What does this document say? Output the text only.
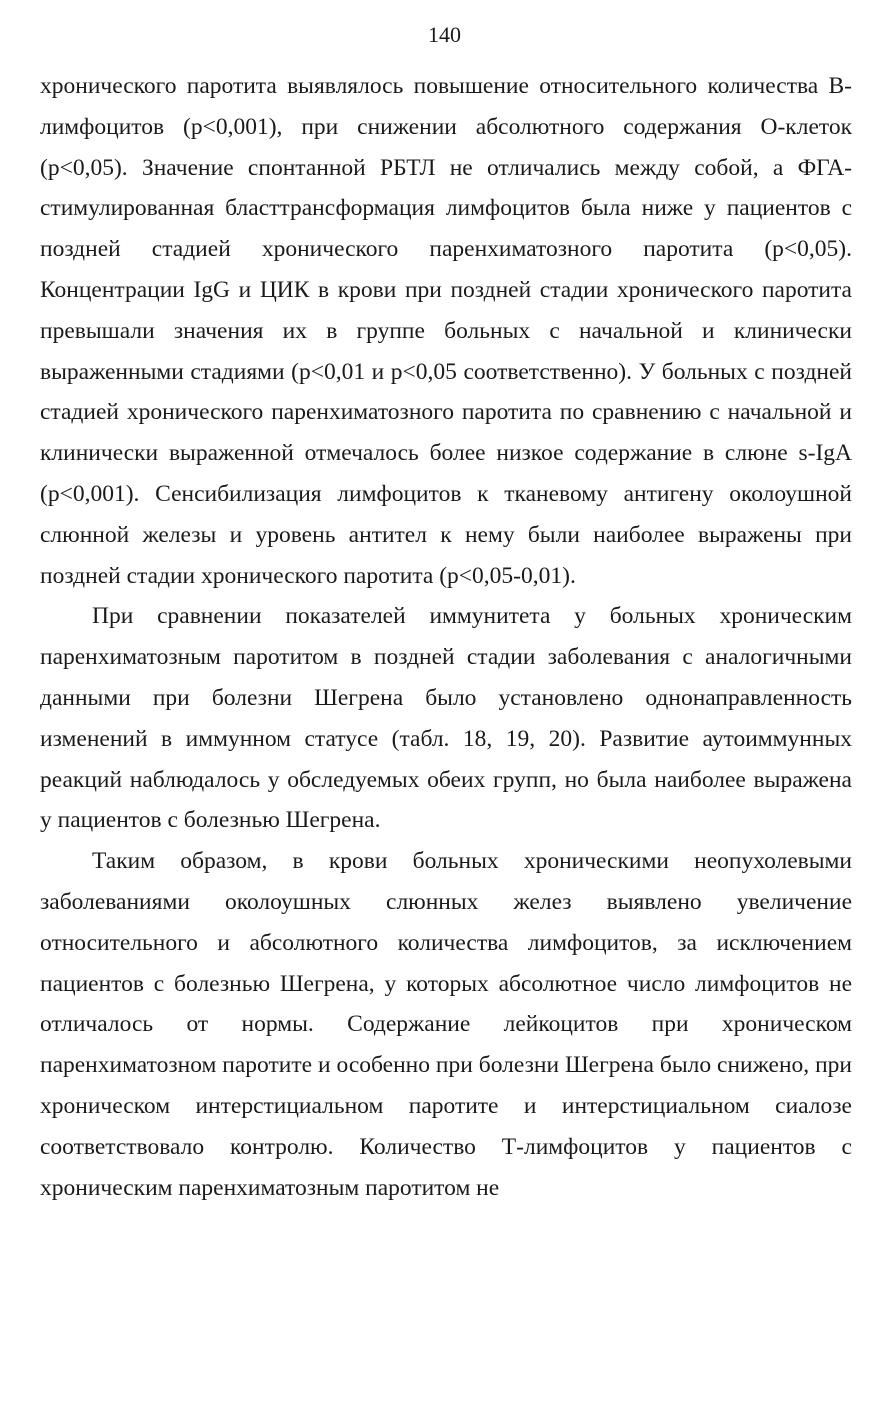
140

хронического паротита выявлялось повышение относительного количества В-лимфоцитов (р<0,001), при снижении абсолютного содержания О-клеток (р<0,05). Значение спонтанной РБТЛ не отличались между собой, а ФГА-стимулированная бласттрансформация лимфоцитов была ниже у пациентов с поздней стадией хронического паренхиматозного паротита (р<0,05). Концентрации IgG и ЦИК в крови при поздней стадии хронического паротита превышали значения их в группе больных с начальной и клинически выраженными стадиями (р<0,01 и р<0,05 соответственно). У больных с поздней стадией хронического паренхиматозного паротита по сравнению с начальной и клинически выраженной отмечалось более низкое содержание в слюне s-IgA (р<0,001). Сенсибилизация лимфоцитов к тканевому антигену околоушной слюнной железы и уровень антител к нему были наиболее выражены при поздней стадии хронического паротита (р<0,05-0,01).

При сравнении показателей иммунитета у больных хроническим паренхиматозным паротитом в поздней стадии заболевания с аналогичными данными при болезни Шегрена было установлено однонаправленность изменений в иммунном статусе (табл. 18, 19, 20). Развитие аутоиммунных реакций наблюдалось у обследуемых обеих групп, но была наиболее выражена у пациентов с болезнью Шегрена.

Таким образом, в крови больных хроническими неопухолевыми заболеваниями околоушных слюнных желез выявлено увеличение относительного и абсолютного количества лимфоцитов, за исключением пациентов с болезнью Шегрена, у которых абсолютное число лимфоцитов не отличалось от нормы. Содержание лейкоцитов при хроническом паренхиматозном паротите и особенно при болезни Шегрена было снижено, при хроническом интерстициальном паротите и интерстициальном сиалозе соответствовало контролю. Количество Т-лимфоцитов у пациентов с хроническим паренхиматозным паротитом не
